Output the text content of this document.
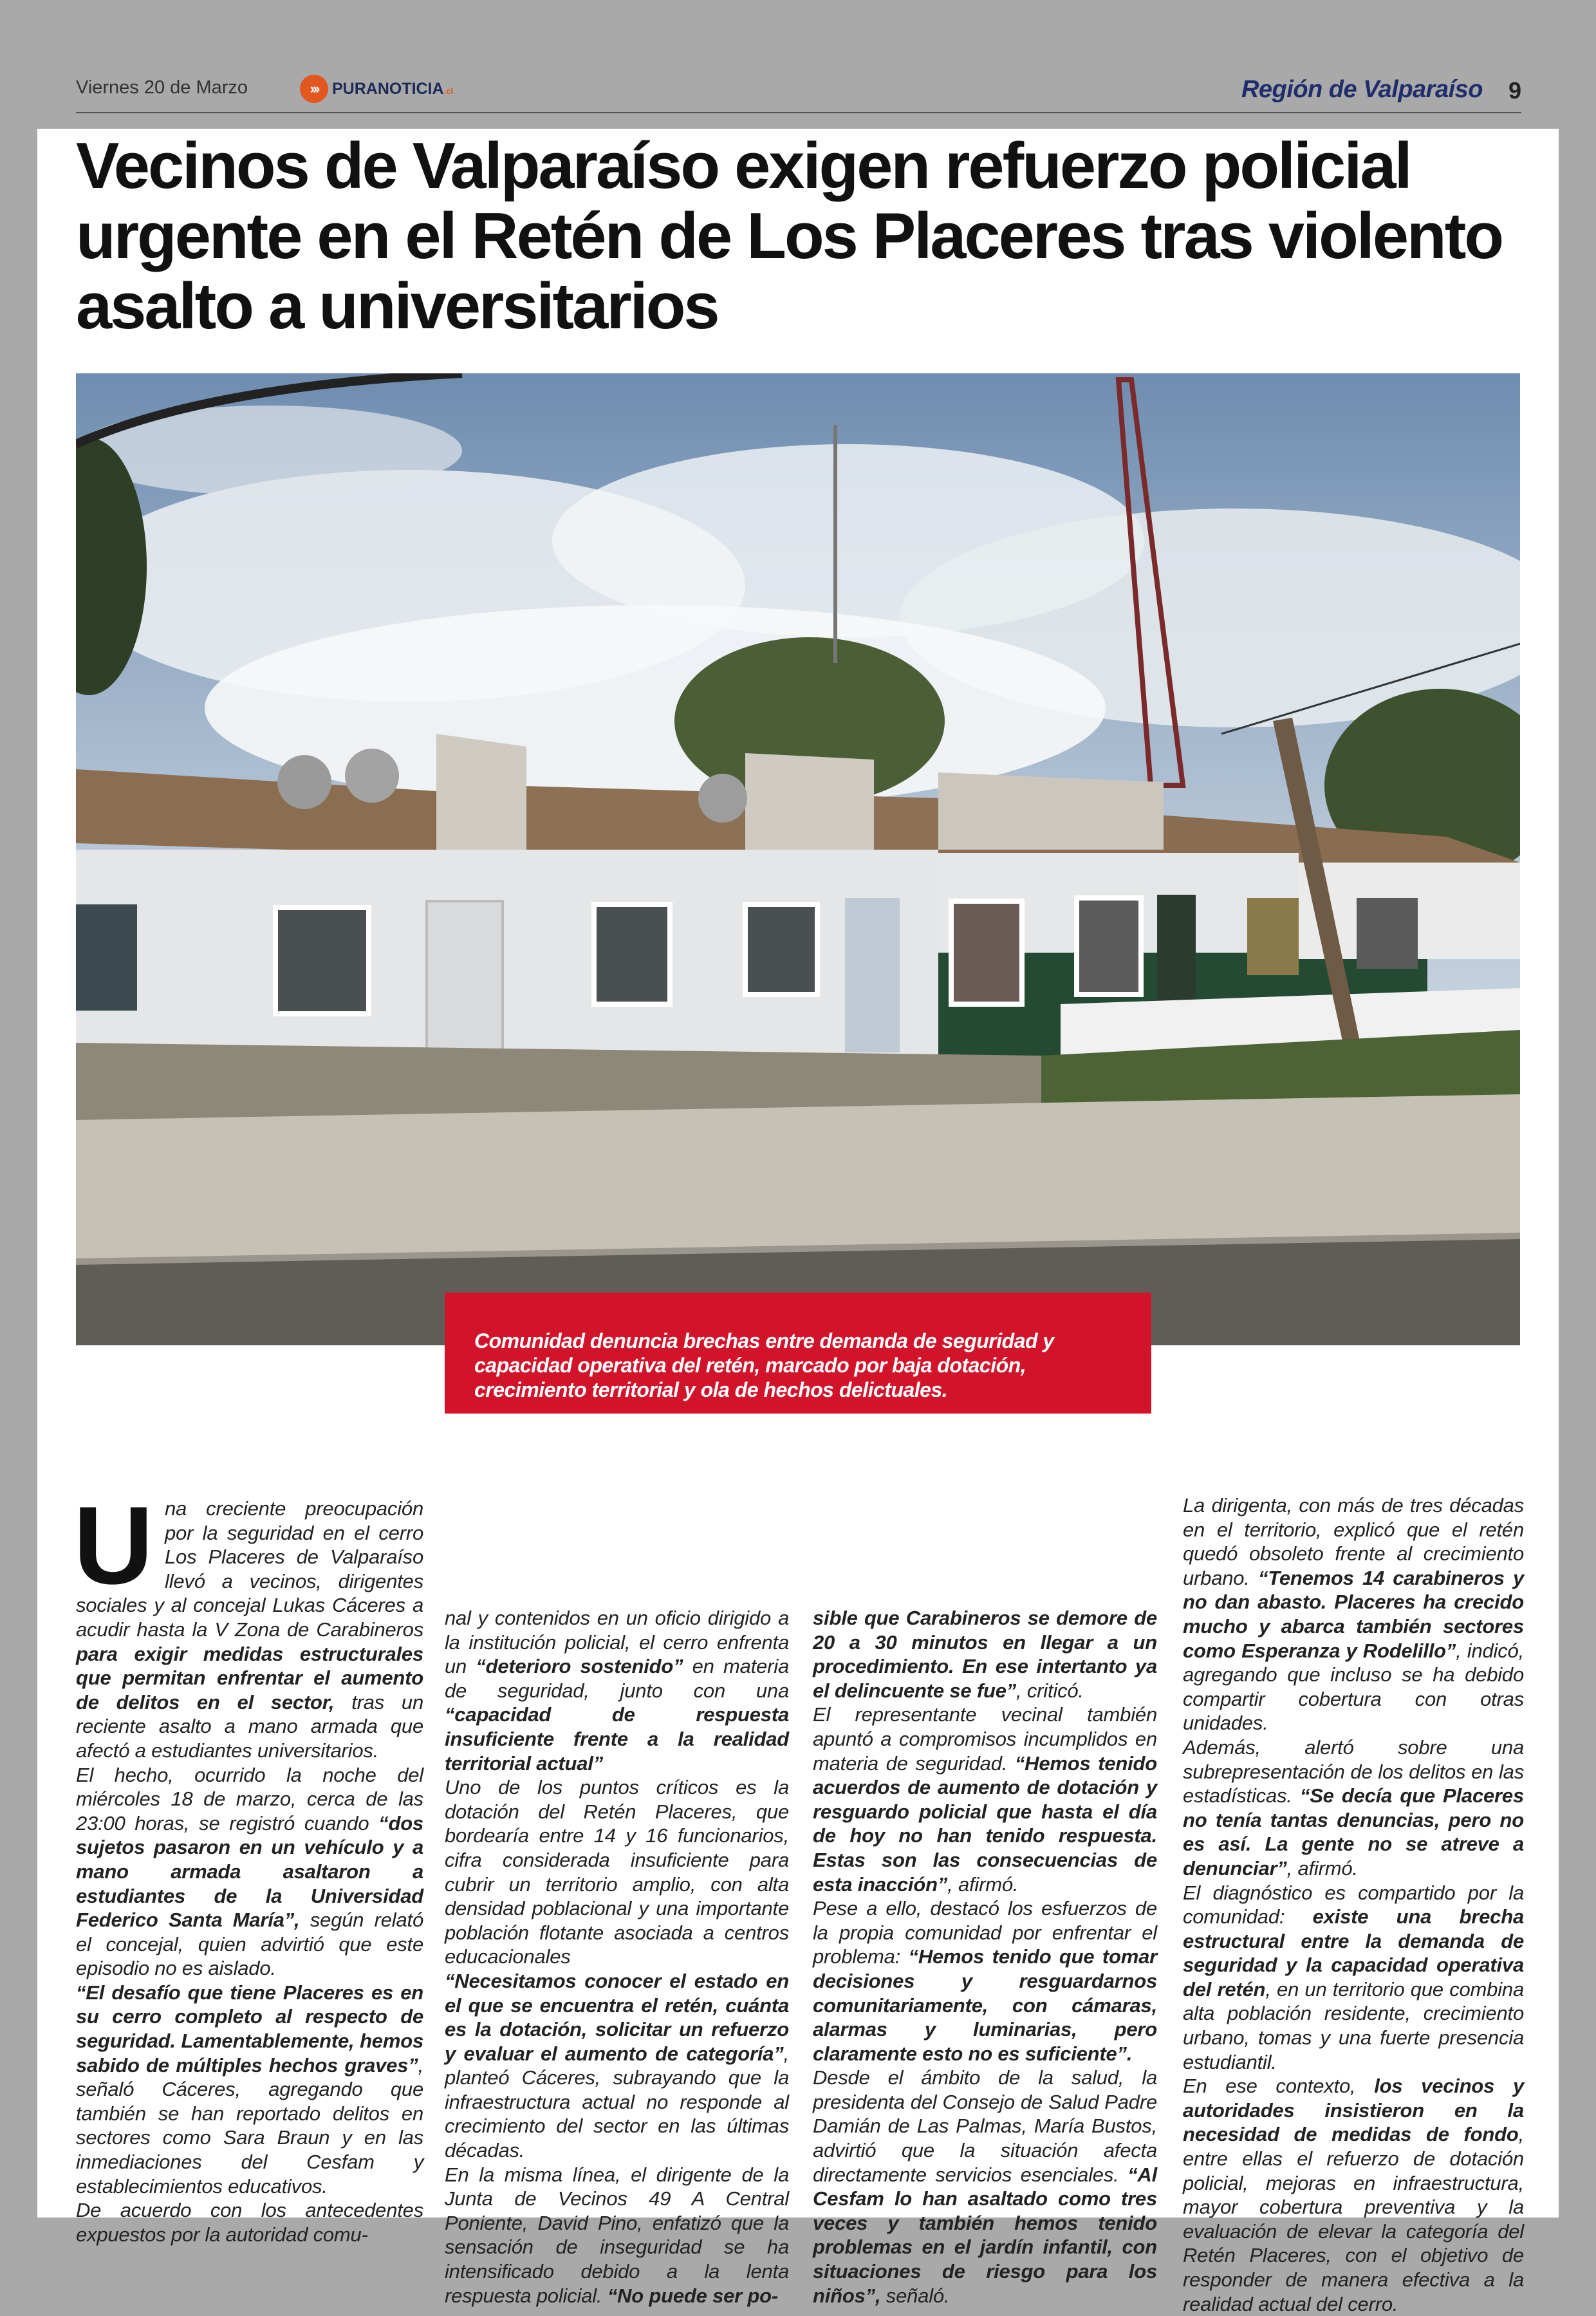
Viernes 20 de Marzo	››› PURANOTICIA.cl	Región de Valparaíso 9
Vecinos de Valparaíso exigen refuerzo policial urgente en el Retén de Los Placeres tras violento asalto a universitarios
Comunidad denuncia brechas entre demanda de seguridad y capacidad operativa del retén, marcado por baja dotación, crecimiento territorial y ola de hechos delictuales.

Una creciente preocupación por la seguridad en el cerro Los Placeres de Valparaíso llevó a vecinos, dirigentes sociales y al concejal Lukas Cáceres a acudir hasta la V Zona de Carabineros para exigir medidas estructurales que permitan enfrentar el aumento de delitos en el sector, tras un reciente asalto a mano armada que afectó a estudiantes universitarios.

El hecho, ocurrido la noche del miércoles 18 de marzo, cerca de las 23:00 horas, se registró cuando “dos sujetos pasaron en un vehículo y a mano armada asaltaron a estudiantes de la Universidad Federico Santa María”, según relató el concejal, quien advirtió que este episodio no es aislado.

“El desafío que tiene Placeres es en su cerro completo al respecto de seguridad. Lamentablemente, hemos sabido de múltiples hechos graves”, señaló Cáceres, agregando que también se han reportado delitos en sectores como Sara Braun y en las inmediaciones del Cesfam y establecimientos educativos.

De acuerdo con los antecedentes expuestos por la autoridad comu-

nal y contenidos en un oficio dirigido a la institución policial, el cerro enfrenta un “deterioro sostenido” en materia de seguridad, junto con una “capacidad de respuesta insuficiente frente a la realidad territorial actual”

Uno de los puntos críticos es la dotación del Retén Placeres, que bordearía entre 14 y 16 funcionarios, cifra considerada insuficiente para cubrir un territorio amplio, con alta densidad poblacional y una importante población flotante asociada a centros educacionales

“Necesitamos conocer el estado en el que se encuentra el retén, cuánta es la dotación, solicitar un refuerzo y evaluar el aumento de categoría”, planteó Cáceres, subrayando que la infraestructura actual no responde al crecimiento del sector en las últimas décadas.

En la misma línea, el dirigente de la Junta de Vecinos 49 A Central Poniente, David Pino, enfatizó que la sensación de inseguridad se ha intensificado debido a la lenta respuesta policial. “No puede ser po-

sible que Carabineros se demore de 20 a 30 minutos en llegar a un procedimiento. En ese intertanto ya el delincuente se fue”, criticó.

El representante vecinal también apuntó a compromisos incumplidos en materia de seguridad. “Hemos tenido acuerdos de aumento de dotación y resguardo policial que hasta el día de hoy no han tenido respuesta. Estas son las consecuencias de esta inacción”, afirmó.

Pese a ello, destacó los esfuerzos de la propia comunidad por enfrentar el problema: “Hemos tenido que tomar decisiones y resguardarnos comunitariamente, con cámaras, alarmas y luminarias, pero claramente esto no es suficiente”.

Desde el ámbito de la salud, la presidenta del Consejo de Salud Padre Damián de Las Palmas, María Bustos, advirtió que la situación afecta directamente servicios esenciales. “Al Cesfam lo han asaltado como tres veces y también hemos tenido problemas en el jardín infantil, con situaciones de riesgo para los niños”, señaló.

La dirigenta, con más de tres décadas en el territorio, explicó que el retén quedó obsoleto frente al crecimiento urbano. “Tenemos 14 carabineros y no dan abasto. Placeres ha crecido mucho y abarca también sectores como Esperanza y Rodelillo”, indicó, agregando que incluso se ha debido compartir cobertura con otras unidades.

Además, alertó sobre una subrepresentación de los delitos en las estadísticas. “Se decía que Placeres no tenía tantas denuncias, pero no es así. La gente no se atreve a denunciar”, afirmó.

El diagnóstico es compartido por la comunidad: existe una brecha estructural entre la demanda de seguridad y la capacidad operativa del retén, en un territorio que combina alta población residente, crecimiento urbano, tomas y una fuerte presencia estudiantil.

En ese contexto, los vecinos y autoridades insistieron en la necesidad de medidas de fondo, entre ellas el refuerzo de dotación policial, mejoras en infraestructura, mayor cobertura preventiva y la evaluación de elevar la categoría del Retén Placeres, con el objetivo de responder de manera efectiva a la realidad actual del cerro.
